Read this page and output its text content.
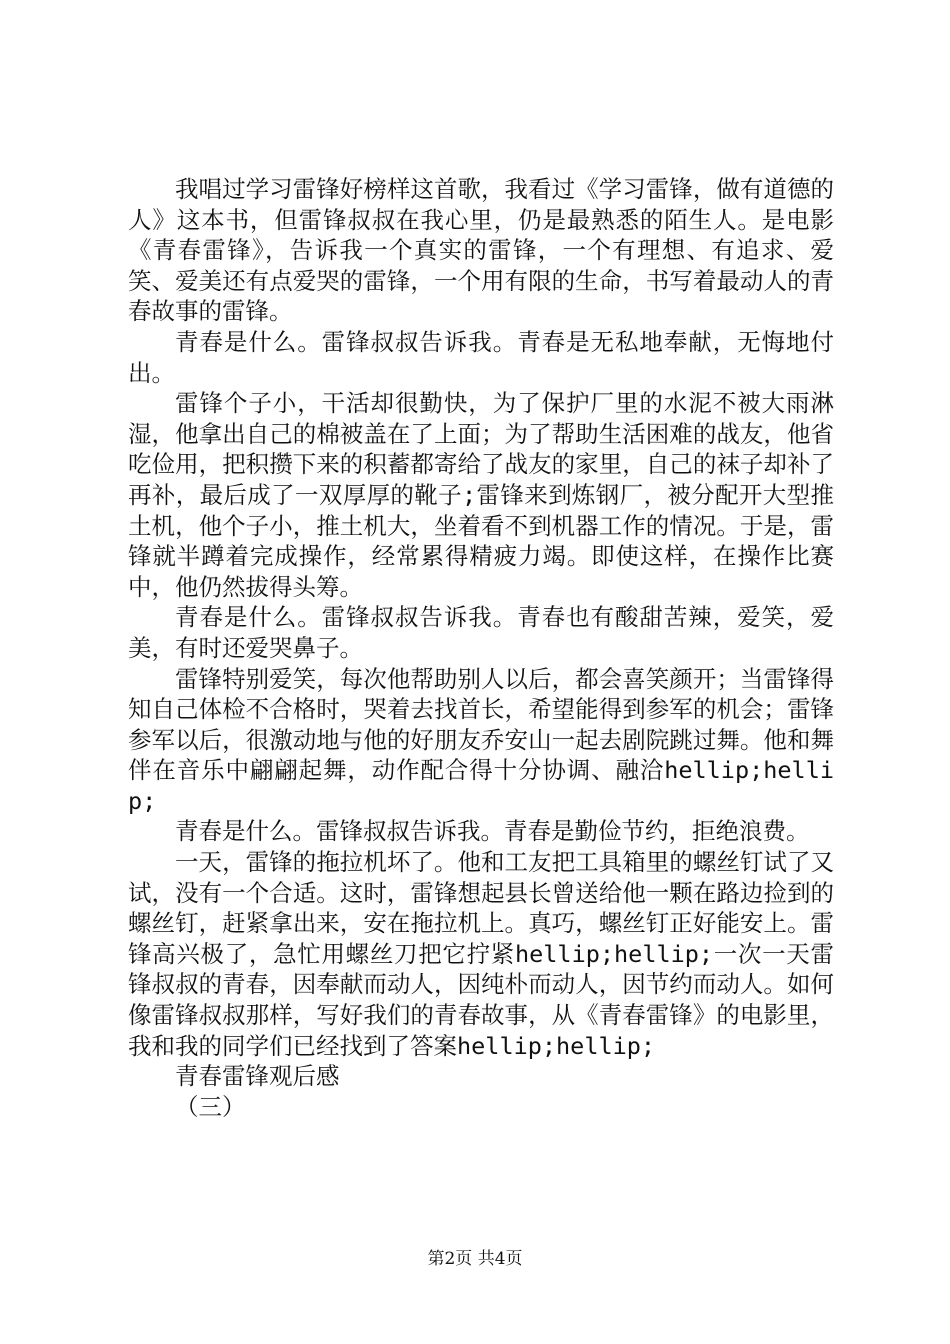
我唱过学习雷锋好榜样这首歌，我看过《学习雷锋，做有道德的人》这本书，但雷锋叔叔在我心里，仍是最熟悉的陌生人。是电影《青春雷锋》，告诉我一个真实的雷锋，一个有理想、有追求、爱笑、爱美还有点爱哭的雷锋，一个用有限的生命，书写着最动人的青春故事的雷锋。

青春是什么。雷锋叔叔告诉我。青春是无私地奉献，无悔地付出。

雷锋个子小，干活却很勤快，为了保护厂里的水泥不被大雨淋湿，他拿出自己的棉被盖在了上面；为了帮助生活困难的战友，他省吃俭用，把积攒下来的积蓄都寄给了战友的家里，自己的袜子却补了再补，最后成了一双厚厚的靴子;雷锋来到炼钢厂，被分配开大型推土机，他个子小，推土机大，坐着看不到机器工作的情况。于是，雷锋就半蹲着完成操作，经常累得精疲力竭。即使这样，在操作比赛中，他仍然拔得头筹。

青春是什么。雷锋叔叔告诉我。青春也有酸甜苦辣，爱笑，爱美，有时还爱哭鼻子。

雷锋特别爱笑，每次他帮助别人以后，都会喜笑颜开；当雷锋得知自己体检不合格时，哭着去找首长，希望能得到参军的机会；雷锋参军以后，很激动地与他的好朋友乔安山一起去剧院跳过舞。他和舞伴在音乐中翩翩起舞，动作配合得十分协调、融洽hellip;hellip;

青春是什么。雷锋叔叔告诉我。青春是勤俭节约，拒绝浪费。

一天，雷锋的拖拉机坏了。他和工友把工具箱里的螺丝钉试了又试，没有一个合适。这时，雷锋想起县长曾送给他一颗在路边捡到的螺丝钉，赶紧拿出来，安在拖拉机上。真巧，螺丝钉正好能安上。雷锋高兴极了，急忙用螺丝刀把它拧紧hellip;hellip;一次一天雷锋叔叔的青春，因奉献而动人，因纯朴而动人，因节约而动人。如何像雷锋叔叔那样，写好我们的青春故事，从《青春雷锋》的电影里，我和我的同学们已经找到了答案hellip;hellip;

青春雷锋观后感

（三）

第2页 共4页
